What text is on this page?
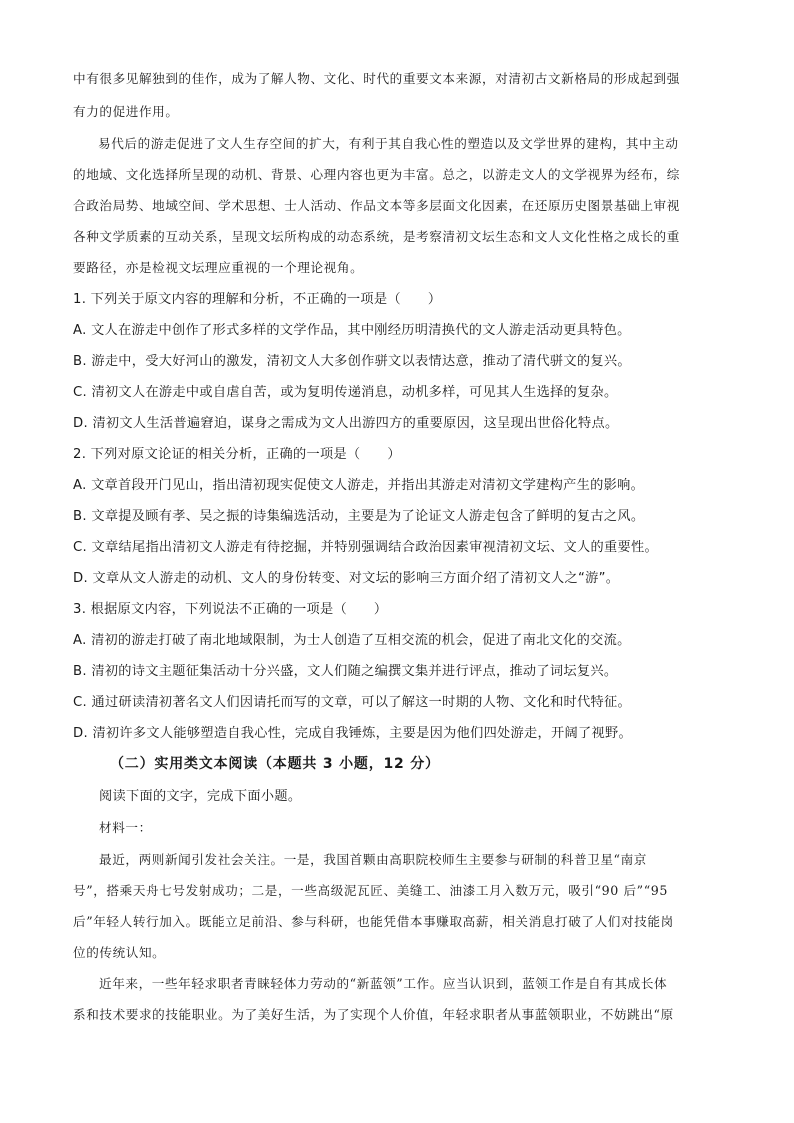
中有很多见解独到的佳作，成为了解人物、文化、时代的重要文本来源，对清初古文新格局的形成起到强

有力的促进作用。

易代后的游走促进了文人生存空间的扩大，有利于其自我心性的塑造以及文学世界的建构，其中主动

的地域、文化选择所呈现的动机、背景、心理内容也更为丰富。总之，以游走文人的文学视界为经布，综

合政治局势、地域空间、学术思想、士人活动、作品文本等多层面文化因素，在还原历史图景基础上审视

各种文学质素的互动关系，呈现文坛所构成的动态系统，是考察清初文坛生态和文人文化性格之成长的重

要路径，亦是检视文坛理应重视的一个理论视角。

1. 下列关于原文内容的理解和分析，不正确的一项是（　　）

A. 文人在游走中创作了形式多样的文学作品，其中刚经历明清换代的文人游走活动更具特色。

B. 游走中，受大好河山的激发，清初文人大多创作骈文以表情达意，推动了清代骈文的复兴。

C. 清初文人在游走中或自虐自苦，或为复明传递消息，动机多样，可见其人生选择的复杂。

D. 清初文人生活普遍窘迫，谋身之需成为文人出游四方的重要原因，这呈现出世俗化特点。

2. 下列对原文论证的相关分析，正确的一项是（　　）

A. 文章首段开门见山，指出清初现实促使文人游走，并指出其游走对清初文学建构产生的影响。

B. 文章提及顾有孝、吴之振的诗集编选活动，主要是为了论证文人游走包含了鲜明的复古之风。

C. 文章结尾指出清初文人游走有待挖掘，并特别强调结合政治因素审视清初文坛、文人的重要性。

D. 文章从文人游走的动机、文人的身份转变、对文坛的影响三方面介绍了清初文人之“游”。

3. 根据原文内容，下列说法不正确的一项是（　　）

A. 清初的游走打破了南北地域限制，为士人创造了互相交流的机会，促进了南北文化的交流。

B. 清初的诗文主题征集活动十分兴盛，文人们随之编撰文集并进行评点，推动了词坛复兴。

C. 通过研读清初著名文人们因请托而写的文章，可以了解这一时期的人物、文化和时代特征。

D. 清初许多文人能够塑造自我心性，完成自我锤炼，主要是因为他们四处游走，开阔了视野。

（二）实用类文本阅读（本题共 3 小题，12 分）

阅读下面的文字，完成下面小题。

材料一：

最近，两则新闻引发社会关注。一是，我国首颗由高职院校师生主要参与研制的科普卫星“南京

号”，搭乘天舟七号发射成功；二是，一些高级泥瓦匠、美缝工、油漆工月入数万元，吸引“90 后”“95

后”年轻人转行加入。既能立足前沿、参与科研，也能凭借本事赚取高薪，相关消息打破了人们对技能岗

位的传统认知。

近年来，一些年轻求职者青睐轻体力劳动的“新蓝领”工作。应当认识到，蓝领工作是自有其成长体

系和技术要求的技能职业。为了美好生活，为了实现个人价值，年轻求职者从事蓝领职业，不妨跳出“原
